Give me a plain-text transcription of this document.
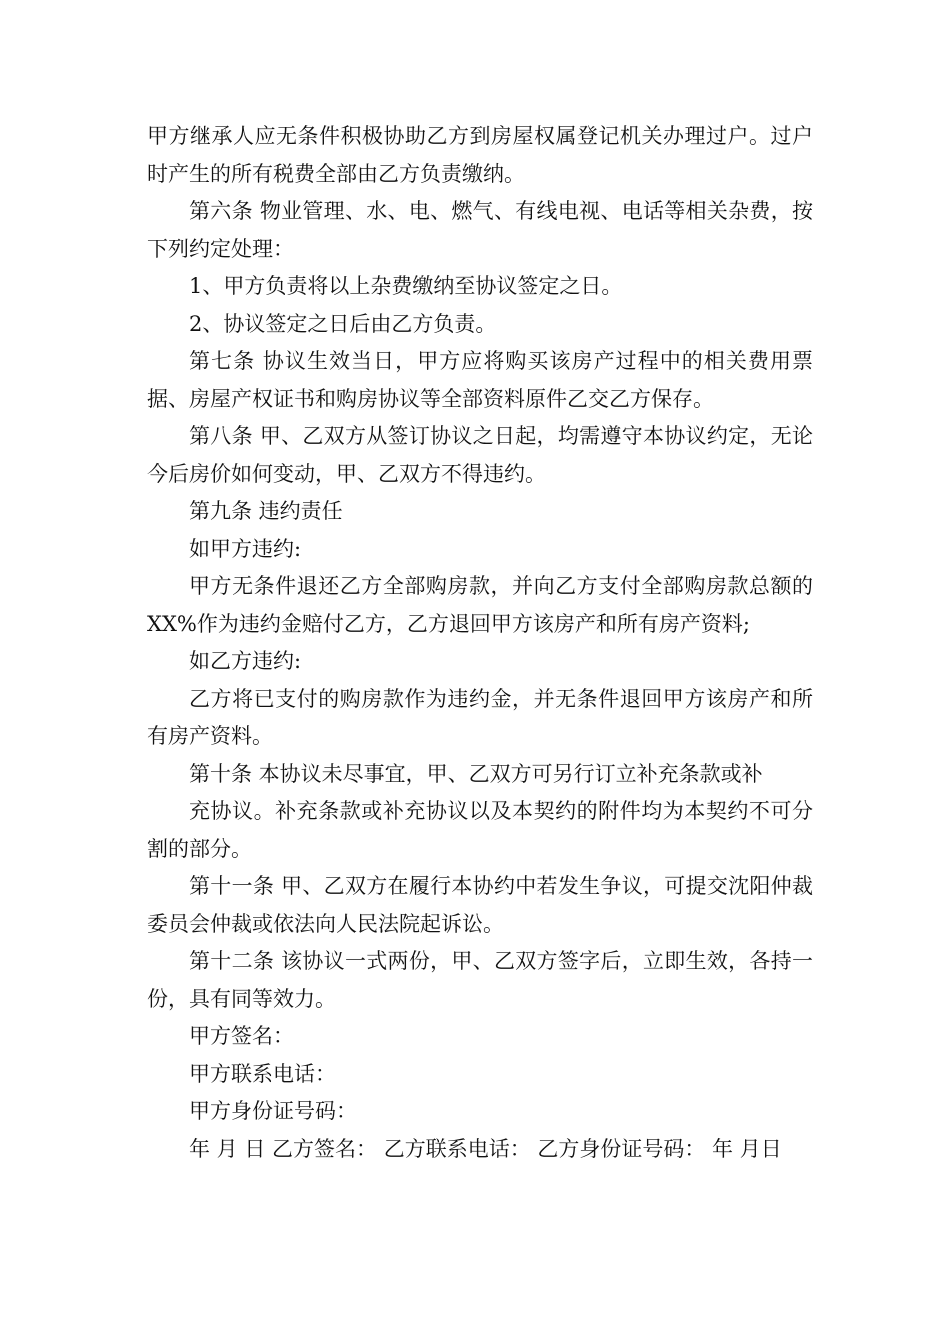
甲方继承人应无条件积极协助乙方到房屋权属登记机关办理过户。过户时产生的所有税费全部由乙方负责缴纳。

第六条 物业管理、水、电、燃气、有线电视、电话等相关杂费，按下列约定处理：

1、甲方负责将以上杂费缴纳至协议签定之日。

2、协议签定之日后由乙方负责。

第七条 协议生效当日，甲方应将购买该房产过程中的相关费用票据、房屋产权证书和购房协议等全部资料原件乙交乙方保存。

第八条 甲、乙双方从签订协议之日起，均需遵守本协议约定，无论今后房价如何变动，甲、乙双方不得违约。

第九条 违约责任

如甲方违约:

甲方无条件退还乙方全部购房款，并向乙方支付全部购房款总额的 XX%作为违约金赔付乙方，乙方退回甲方该房产和所有房产资料;

如乙方违约:

乙方将已支付的购房款作为违约金，并无条件退回甲方该房产和所有房产资料。

第十条 本协议未尽事宜，甲、乙双方可另行订立补充条款或补

充协议。补充条款或补充协议以及本契约的附件均为本契约不可分割的部分。

第十一条 甲、乙双方在履行本协约中若发生争议，可提交沈阳仲裁委员会仲裁或依法向人民法院起诉讼。

第十二条 该协议一式两份，甲、乙双方签字后，立即生效，各持一份，具有同等效力。

甲方签名：

甲方联系电话：

甲方身份证号码：

年 月 日 乙方签名： 乙方联系电话： 乙方身份证号码： 年 月日
